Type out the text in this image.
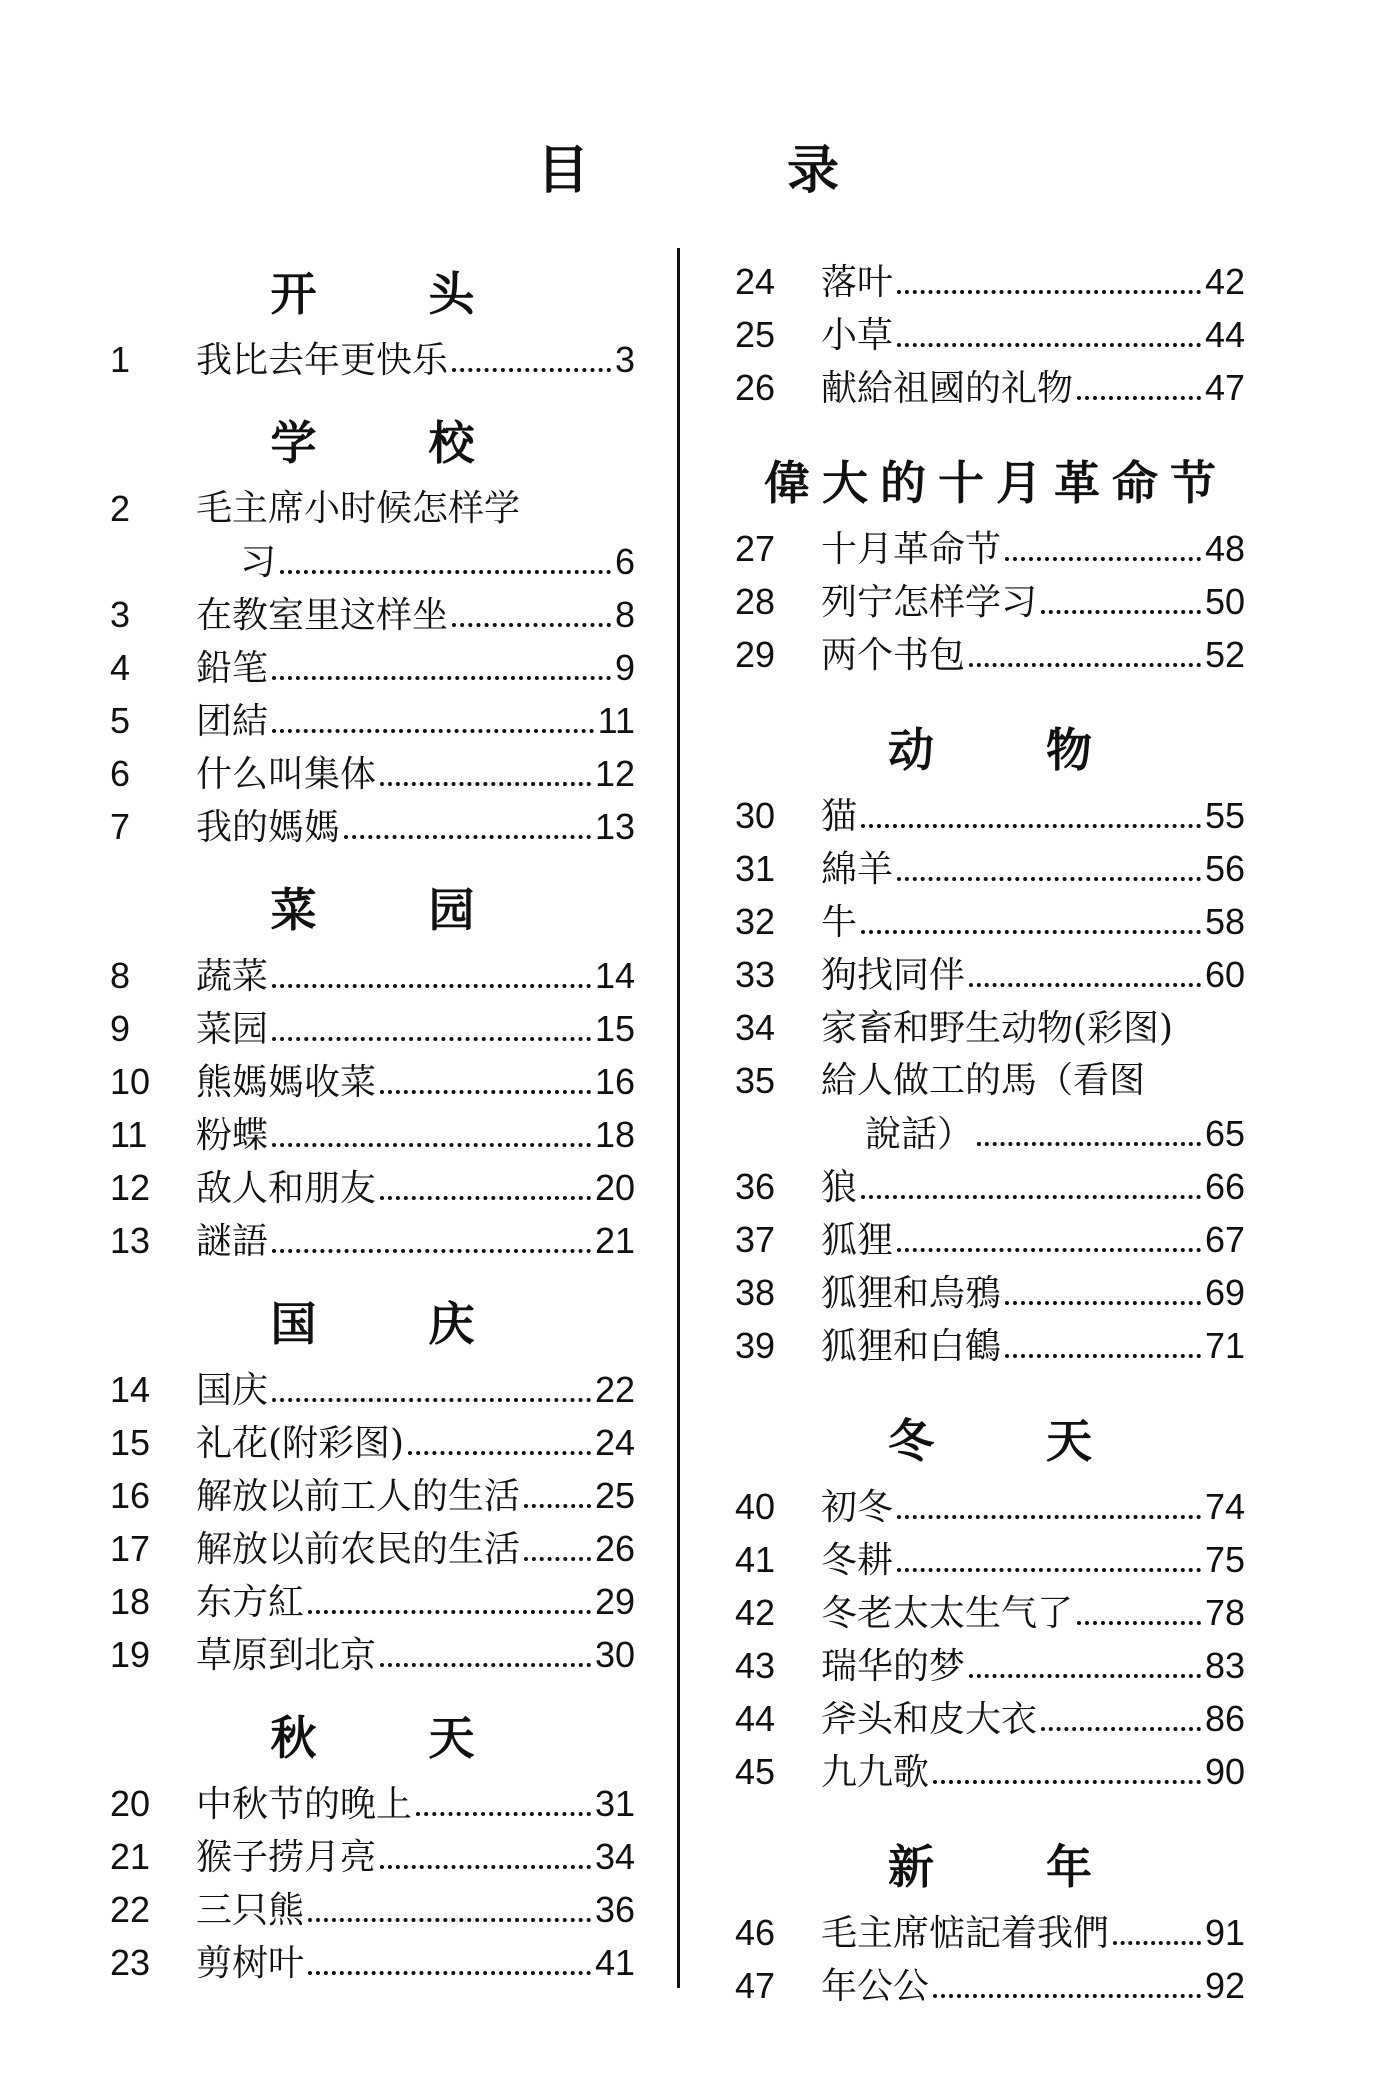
目 录
开 头
1	我比去年更快乐	3
学 校
2	毛主席小时候怎样学
习	6
3	在教室里这样坐	8
4	鉛笔	9
5	团結	11
6	什么叫集体	12
7	我的媽媽	13
菜 园
8	蔬菜	14
9	菜园	15
10	熊媽媽收菜	16
11	粉蝶	18
12	敌人和朋友	20
13	謎語	21
国 庆
14	国庆	22
15	礼花(附彩图)	24
16	解放以前工人的生活 25
17	解放以前农民的生活 26
18	东方紅	29
19	草原到北京	30
秋 天
20	中秋节的晚上	31
21	猴子捞月亮	34
22	三只熊	36
23	剪树叶	41
24	落叶	42
25	小草	44
26	献給祖國的礼物	47
偉大的十月革命节
27	十月革命节	48
28	列宁怎样学习	50
29	两个书包	52
动 物
30	猫	55
31	綿羊	56
32	牛	58
33	狗找同伴	60
34	家畜和野生动物(彩图)
35	給人做工的馬（看图
說話）	65
36	狼	66
37	狐狸	67
38	狐狸和烏鴉	69
39	狐狸和白鶴	71
冬 天
40	初冬	74
41	冬耕	75
42	冬老太太生气了	78
43	瑞华的梦	83
44	斧头和皮大衣	86
45	九九歌	90
新 年
46	毛主席惦記着我們	91
47	年公公	92
